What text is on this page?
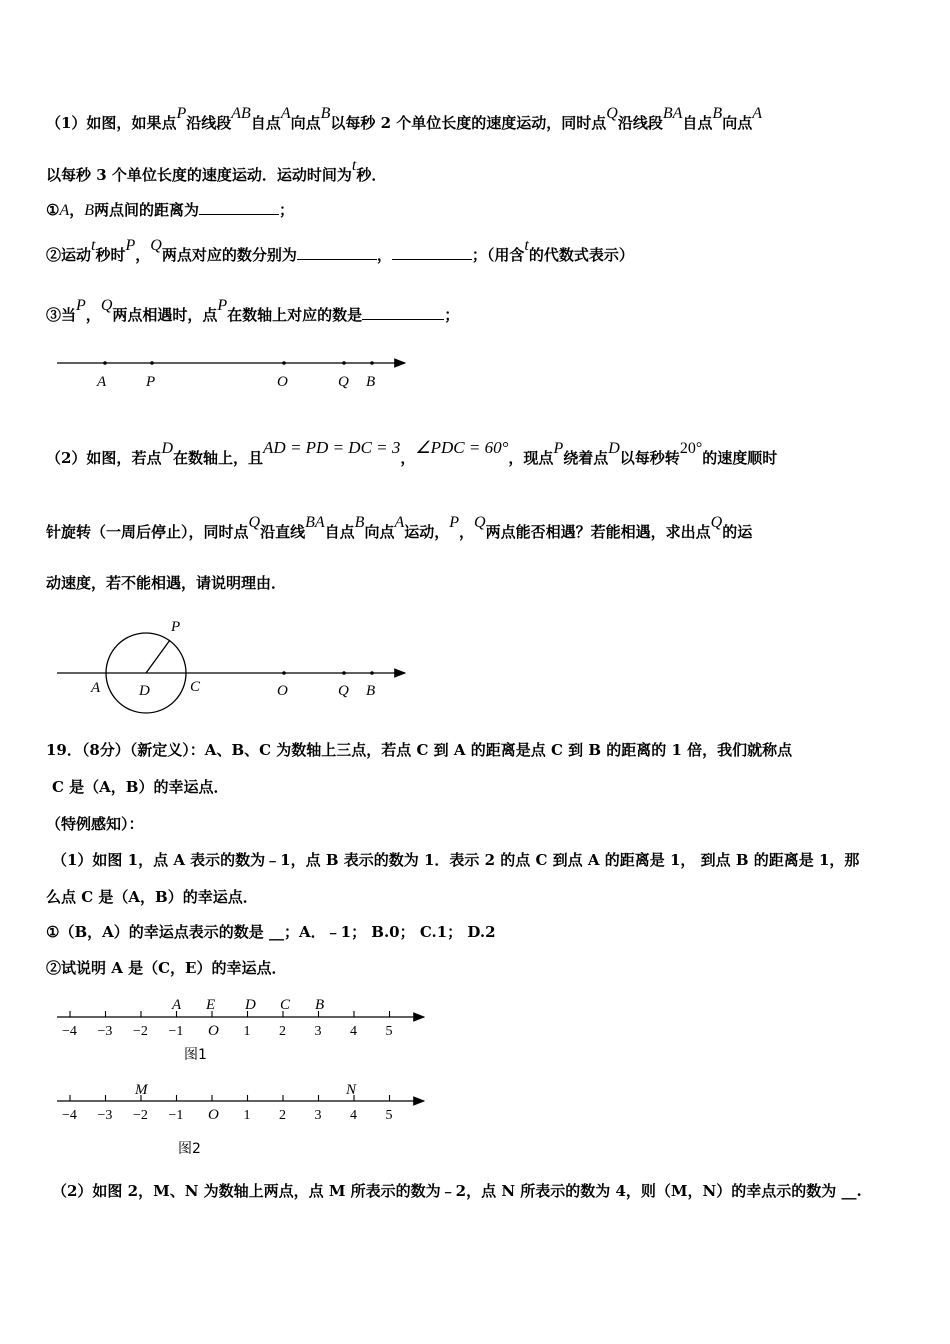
（1）如图，如果点P沿线段AB自点A向点B以每秒 2 个单位长度的速度运动，同时点Q沿线段BA自点B向点A
以每秒 3 个单位长度的速度运动．运动时间为t秒．
①A，B两点间的距离为	；
②运动t秒时P，Q两点对应的数分别为	，	；（用含t的代数式表示）
③当P，Q两点相遇时，点P在数轴上对应的数是	；
（2）如图，若点D在数轴上，且AD = PD = DC = 3，∠PDC = 60°，现点P绕着点D以每秒转20°的速度顺时
针旋转（一周后停止），同时点Q沿直线BA自点B向点A运动，P，Q两点能否相遇？若能相遇，求出点Q的运
动速度，若不能相遇，请说明理由．
19．（8分）（新定义）：A、B、C 为数轴上三点，若点 C 到 A 的距离是点 C 到 B 的距离的 1 倍，我们就称点
C 是（A，B）的幸运点．
（特例感知）：
（1）如图 1，点 A 表示的数为﹣1，点 B 表示的数为 1．表示 2 的点 C 到点 A 的距离是 1， 到点 B 的距离是 1，那
么点 C 是（A，B）的幸运点．
①（B，A）的幸运点表示的数是 __；A．﹣1； B.0； C.1； D.2
②试说明 A 是（C，E）的幸运点．
（2）如图 2，M、N 为数轴上两点，点 M 所表示的数为﹣2，点 N 所表示的数为 4，则（M，N）的幸点示的数为 __.
A	P	O	Q B
P
A	D	C	O	Q B
−4 −3 −2 −1 O 1 2 3 4 5
A E D C B
图1
−4 −3 −2 −1 O 1 2 3 4 5
M	N
图2
